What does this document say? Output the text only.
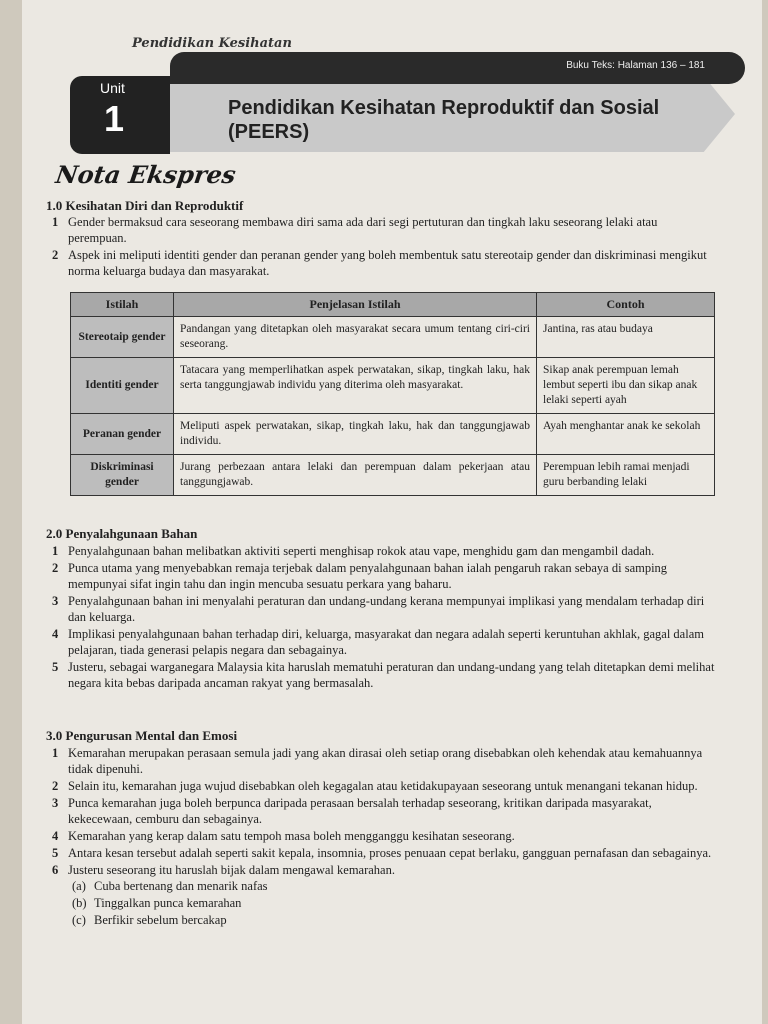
Pendidikan Kesihatan
Buku Teks: Halaman 136 – 181
Unit
1	Pendidikan Kesihatan Reproduktif dan Sosial
(PEERS)
Nota Ekspres
1.0 Kesihatan Diri dan Reproduktif
1 Gender bermaksud cara seseorang membawa diri sama ada dari segi pertuturan dan tingkah laku seseorang lelaki atau perempuan.
2 Aspek ini meliputi identiti gender dan peranan gender yang boleh membentuk satu stereotaip gender dan diskriminasi mengikut norma keluarga budaya dan masyarakat.
Istilah	Penjelasan Istilah	Contoh
Stereotaip gender	Pandangan yang ditetapkan oleh masyarakat secara umum tentang ciri-ciri seseorang.	Jantina, ras atau budaya
Identiti gender	Tatacara yang memperlihatkan aspek perwatakan, sikap, tingkah laku, hak serta tanggungjawab individu yang diterima oleh masyarakat.	Sikap anak perempuan lemah lembut seperti ibu dan sikap anak lelaki seperti ayah
Peranan gender	Meliputi aspek perwatakan, sikap, tingkah laku, hak dan tanggungjawab individu.	Ayah menghantar anak ke sekolah
Diskriminasi gender	Jurang perbezaan antara lelaki dan perempuan dalam pekerjaan atau tanggungjawab.	Perempuan lebih ramai menjadi guru berbanding lelaki
2.0 Penyalahgunaan Bahan
1 Penyalahgunaan bahan melibatkan aktiviti seperti menghisap rokok atau vape, menghidu gam dan mengambil dadah.
2 Punca utama yang menyebabkan remaja terjebak dalam penyalahgunaan bahan ialah pengaruh rakan sebaya di samping mempunyai sifat ingin tahu dan ingin mencuba sesuatu perkara yang baharu.
3 Penyalahgunaan bahan ini menyalahi peraturan dan undang-undang kerana mempunyai implikasi yang mendalam terhadap diri dan keluarga.
4 Implikasi penyalahgunaan bahan terhadap diri, keluarga, masyarakat dan negara adalah seperti keruntuhan akhlak, gagal dalam pelajaran, tiada generasi pelapis negara dan sebagainya.
5 Justeru, sebagai warganegara Malaysia kita haruslah mematuhi peraturan dan undang-undang yang telah ditetapkan demi melihat negara kita bebas daripada ancaman rakyat yang bermasalah.
3.0 Pengurusan Mental dan Emosi
1 Kemarahan merupakan perasaan semula jadi yang akan dirasai oleh setiap orang disebabkan oleh kehendak atau kemahuannya tidak dipenuhi.
2 Selain itu, kemarahan juga wujud disebabkan oleh kegagalan atau ketidakupayaan seseorang untuk menangani tekanan hidup.
3 Punca kemarahan juga boleh berpunca daripada perasaan bersalah terhadap seseorang, kritikan daripada masyarakat, kekecewaan, cemburu dan sebagainya.
4 Kemarahan yang kerap dalam satu tempoh masa boleh mengganggu kesihatan seseorang.
5 Antara kesan tersebut adalah seperti sakit kepala, insomnia, proses penuaan cepat berlaku, gangguan pernafasan dan sebagainya.
6 Justeru seseorang itu haruslah bijak dalam mengawal kemarahan.
(a) Cuba bertenang dan menarik nafas
(b) Tinggalkan punca kemarahan
(c) Berfikir sebelum bercakap
